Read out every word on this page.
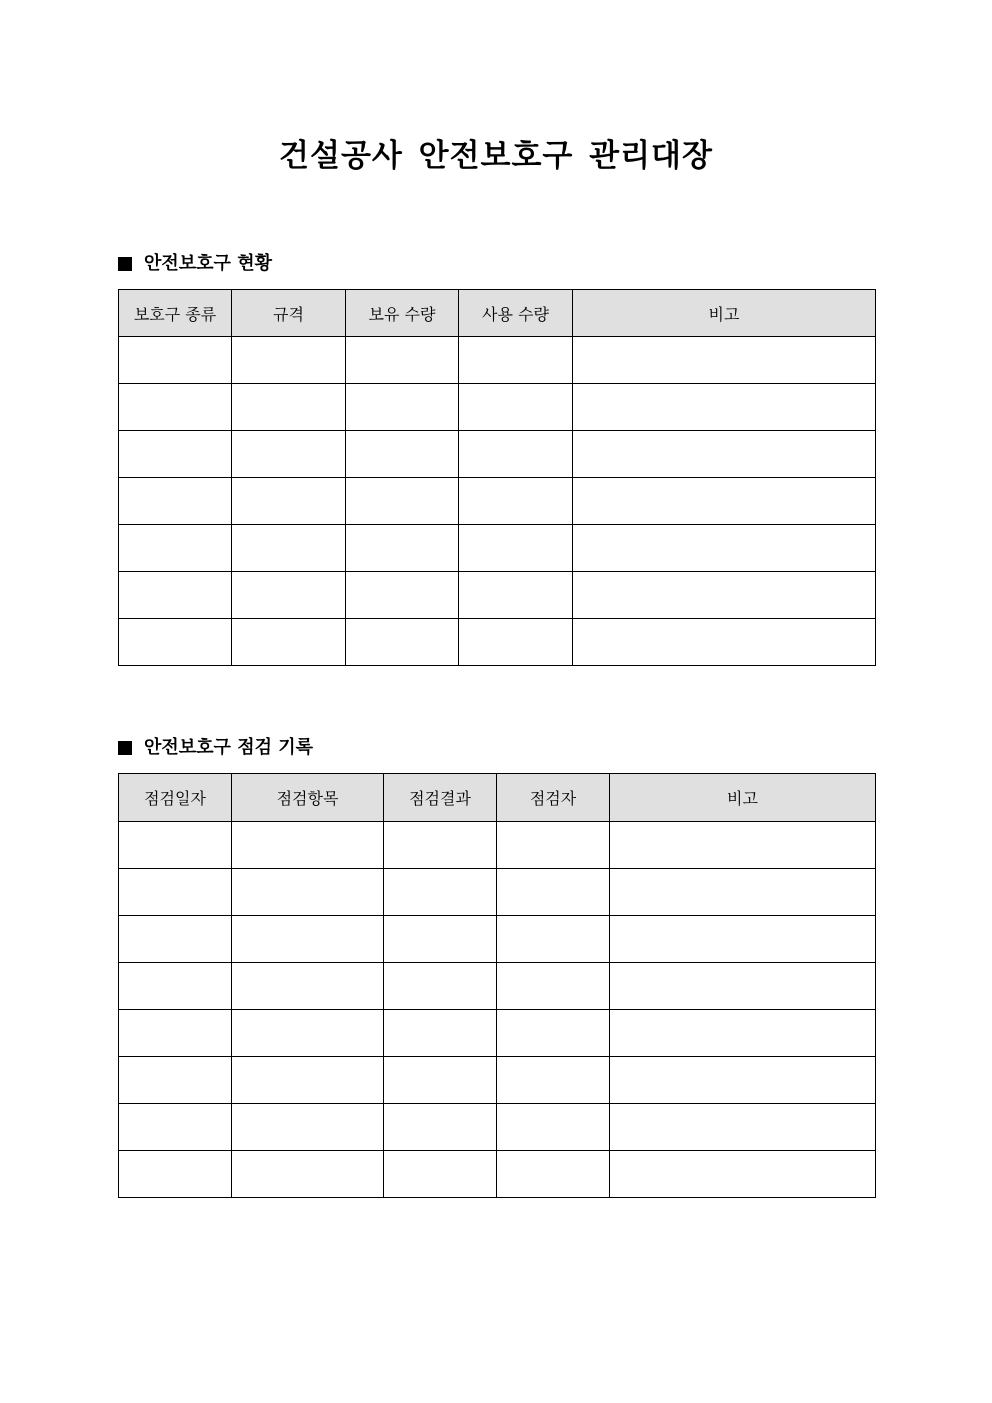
건설공사 안전보호구 관리대장
안전보호구 현황
보호구 종류	규격	보유 수량	사용 수량	비고

안전보호구 점검 기록
점검일자	점검항목	점검결과	점검자	비고
